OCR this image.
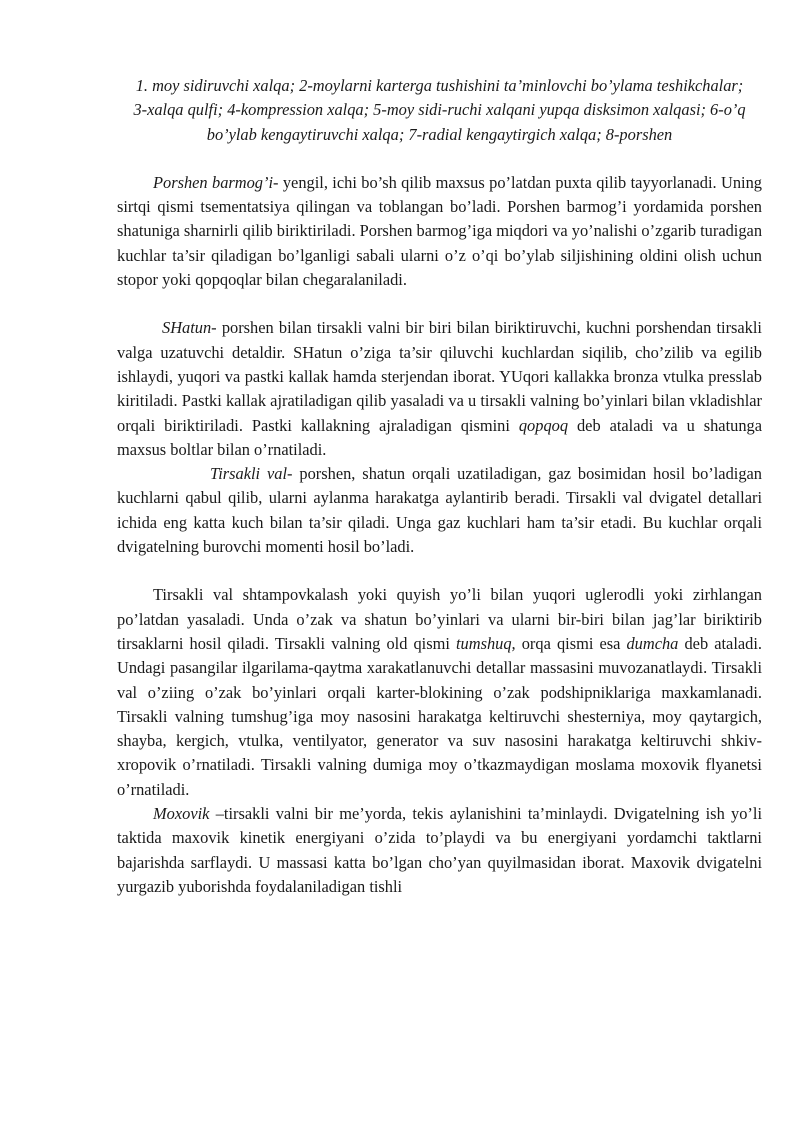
1. moy sidiruvchi xalqa; 2-moylarni karterga tushishini ta’minlovchi bo’ylama teshikchalar;
3-xalqa qulfi; 4-kompression xalqa; 5-moy sidi-ruchi xalqani yupqa disksimon xalqasi; 6-o’q bo’ylab kengaytiruvchi xalqa; 7-radial kengaytirgich xalqa; 8-porshen

Porshen barmog’i- yengil, ichi bo’sh qilib maxsus po’latdan puxta qilib tayyorlanadi. Uning sirtqi qismi tsementatsiya qilingan va toblangan bo’ladi. Porshen barmog’i yordamida porshen shatuniga sharnirli qilib biriktiriladi. Porshen barmog’iga miqdori va yo’nalishi o’zgarib turadigan kuchlar ta’sir qiladigan bo’lganligi sabali ularni o’z o’qi bo’ylab siljishining oldini olish uchun stopor yoki qopqoqlar bilan chegaralaniladi.

SHatun- porshen bilan tirsakli valni bir biri bilan biriktiruvchi, kuchni porshendan tirsakli valga uzatuvchi detaldir. SHatun o’ziga ta’sir qiluvchi kuchlardan siqilib, cho’zilib va egilib ishlaydi, yuqori va pastki kallak hamda sterjendan iborat. YUqori kallakka bronza vtulka presslab kiritiladi. Pastki kallak ajratiladigan qilib yasaladi va u tirsakli valning bo’yinlari bilan vkladishlar orqali biriktiriladi. Pastki kallakning ajraladigan qismini qopqoq deb ataladi va u shatunga maxsus boltlar bilan o’rnatiladi.

Tirsakli val- porshen, shatun orqali uzatiladigan, gaz bosimidan hosil bo’ladigan kuchlarni qabul qilib, ularni aylanma harakatga aylantirib beradi. Tirsakli val dvigatel detallari ichida eng katta kuch bilan ta’sir qiladi. Unga gaz kuchlari ham ta’sir etadi. Bu kuchlar orqali dvigatelning burovchi momenti hosil bo’ladi.

Tirsakli val shtampovkalash yoki quyish yo’li bilan yuqori uglerodli yoki zirhlangan po’latdan yasaladi. Unda o’zak va shatun bo’yinlari va ularni bir-biri bilan jag’lar biriktirib tirsaklarni hosil qiladi. Tirsakli valning old qismi tumshuq, orqa qismi esa dumcha deb ataladi. Undagi pasangilar ilgarilama-qaytma xarakatlanuvchi detallar massasini muvozanatlaydi. Tirsakli val o’ziing o’zak bo’yinlari orqali karter-blokining o’zak podshipniklariga maxkamlanadi. Tirsakli valning tumshug’iga moy nasosini harakatga keltiruvchi shesterniya, moy qaytargich, shayba, kergich, vtulka, ventilyator, generator va suv nasosini harakatga keltiruvchi shkiv-xropovik o’rnatiladi. Tirsakli valning dumiga moy o’tkazmaydigan moslama moxovik flyanetsi o’rnatiladi.

Moxovik –tirsakli valni bir me’yorda, tekis aylanishini ta’minlaydi. Dvigatelning ish yo’li taktida maxovik kinetik energiyani o’zida to’playdi va bu energiyani yordamchi taktlarni bajarishda sarflaydi. U massasi katta bo’lgan cho’yan quyilmasidan iborat. Maxovik dvigatelni yurgazib yuborishda foydalaniladigan tishli
